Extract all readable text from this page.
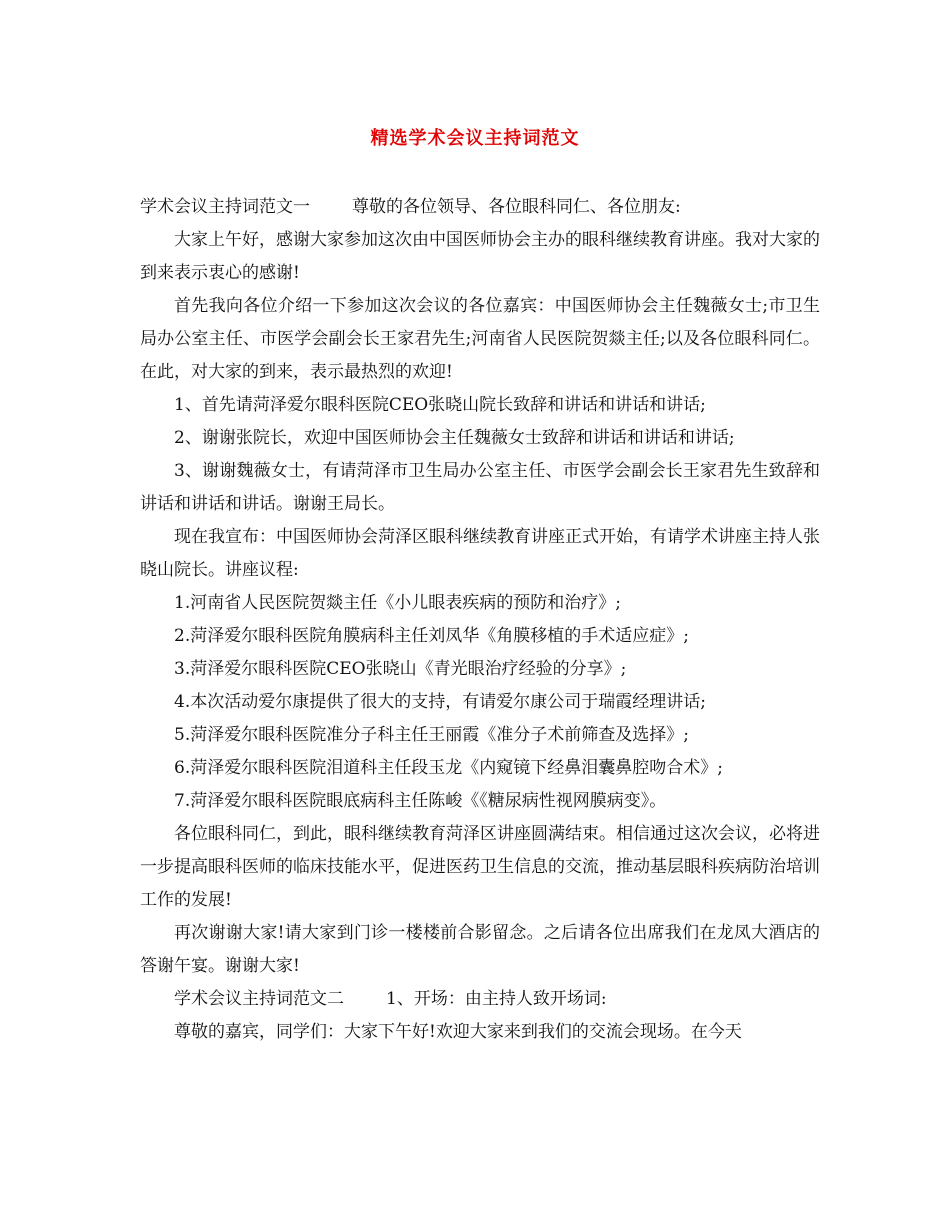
精选学术会议主持词范文

学术会议主持词范文一 尊敬的各位领导、各位眼科同仁、各位朋友:

大家上午好，感谢大家参加这次由中国医师协会主办的眼科继续教育讲座。我对大家的到来表示衷心的感谢!

首先我向各位介绍一下参加这次会议的各位嘉宾：中国医师协会主任魏薇女士;市卫生局办公室主任、市医学会副会长王家君先生;河南省人民医院贺燚主任;以及各位眼科同仁。在此，对大家的到来，表示最热烈的欢迎!

1、首先请菏泽爱尔眼科医院CEO张晓山院长致辞和讲话和讲话和讲话;

2、谢谢张院长，欢迎中国医师协会主任魏薇女士致辞和讲话和讲话和讲话;

3、谢谢魏薇女士，有请菏泽市卫生局办公室主任、市医学会副会长王家君先生致辞和讲话和讲话和讲话。谢谢王局长。

现在我宣布：中国医师协会菏泽区眼科继续教育讲座正式开始，有请学术讲座主持人张晓山院长。讲座议程:

1.河南省人民医院贺燚主任《小儿眼表疾病的预防和治疗》;

2.菏泽爱尔眼科医院角膜病科主任刘凤华《角膜移植的手术适应症》;

3.菏泽爱尔眼科医院CEO张晓山《青光眼治疗经验的分享》;

4.本次活动爱尔康提供了很大的支持，有请爱尔康公司于瑞霞经理讲话;

5.菏泽爱尔眼科医院准分子科主任王丽霞《准分子术前筛查及选择》;

6.菏泽爱尔眼科医院泪道科主任段玉龙《内窥镜下经鼻泪囊鼻腔吻合术》;

7.菏泽爱尔眼科医院眼底病科主任陈峻《《糖尿病性视网膜病变》。

各位眼科同仁，到此，眼科继续教育菏泽区讲座圆满结束。相信通过这次会议，必将进一步提高眼科医师的临床技能水平，促进医药卫生信息的交流，推动基层眼科疾病防治培训工作的发展!

再次谢谢大家!请大家到门诊一楼楼前合影留念。之后请各位出席我们在龙凤大酒店的答谢午宴。谢谢大家!

学术会议主持词范文二 1、开场：由主持人致开场词:

尊敬的嘉宾，同学们：大家下午好!欢迎大家来到我们的交流会现场。在今天
